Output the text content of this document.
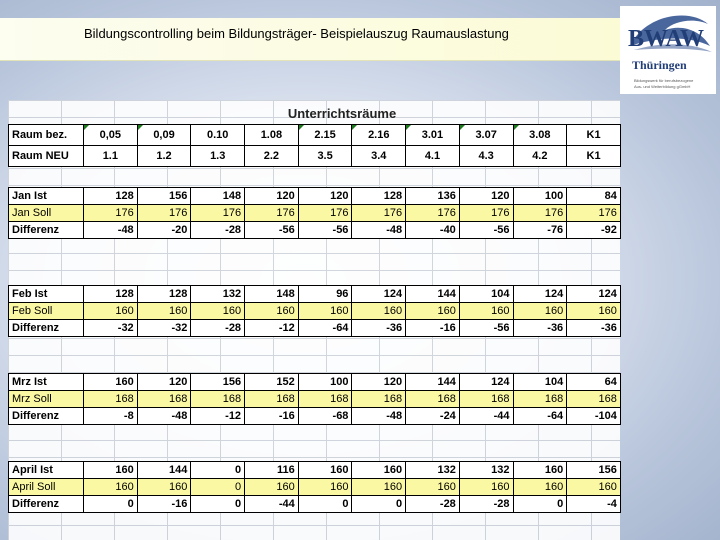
Bildungscontrolling beim Bildungsträger- Beispielauszug Raumauslastung	BWAW
Thüringen
Bildungswerk für berufsbezogene
Aus- und Weiterbildung gGmbH
Unterrichtsräume
Raum bez.	0,05	0,09	0.10	1.08	2.15	2.16	3.01	3.07	3.08	K1
Raum NEU	1.1	1.2	1.3	2.2	3.5	3.4	4.1	4.3	4.2	K1
Jan Ist	128	156	148	120	120	128	136	120	100	84
Jan Soll	176	176	176	176	176	176	176	176	176	176
Differenz	-48	-20	-28	-56	-56	-48	-40	-56	-76	-92
Feb Ist	128	128	132	148	96	124	144	104	124	124
Feb Soll	160	160	160	160	160	160	160	160	160	160
Differenz	-32	-32	-28	-12	-64	-36	-16	-56	-36	-36
Mrz Ist	160	120	156	152	100	120	144	124	104	64
Mrz Soll	168	168	168	168	168	168	168	168	168	168
Differenz	-8	-48	-12	-16	-68	-48	-24	-44	-64	-104
April Ist	160	144	0	116	160	160	132	132	160	156
April Soll	160	160	0	160	160	160	160	160	160	160
Differenz	0	-16	0	-44	0	0	-28	-28	0	-4
